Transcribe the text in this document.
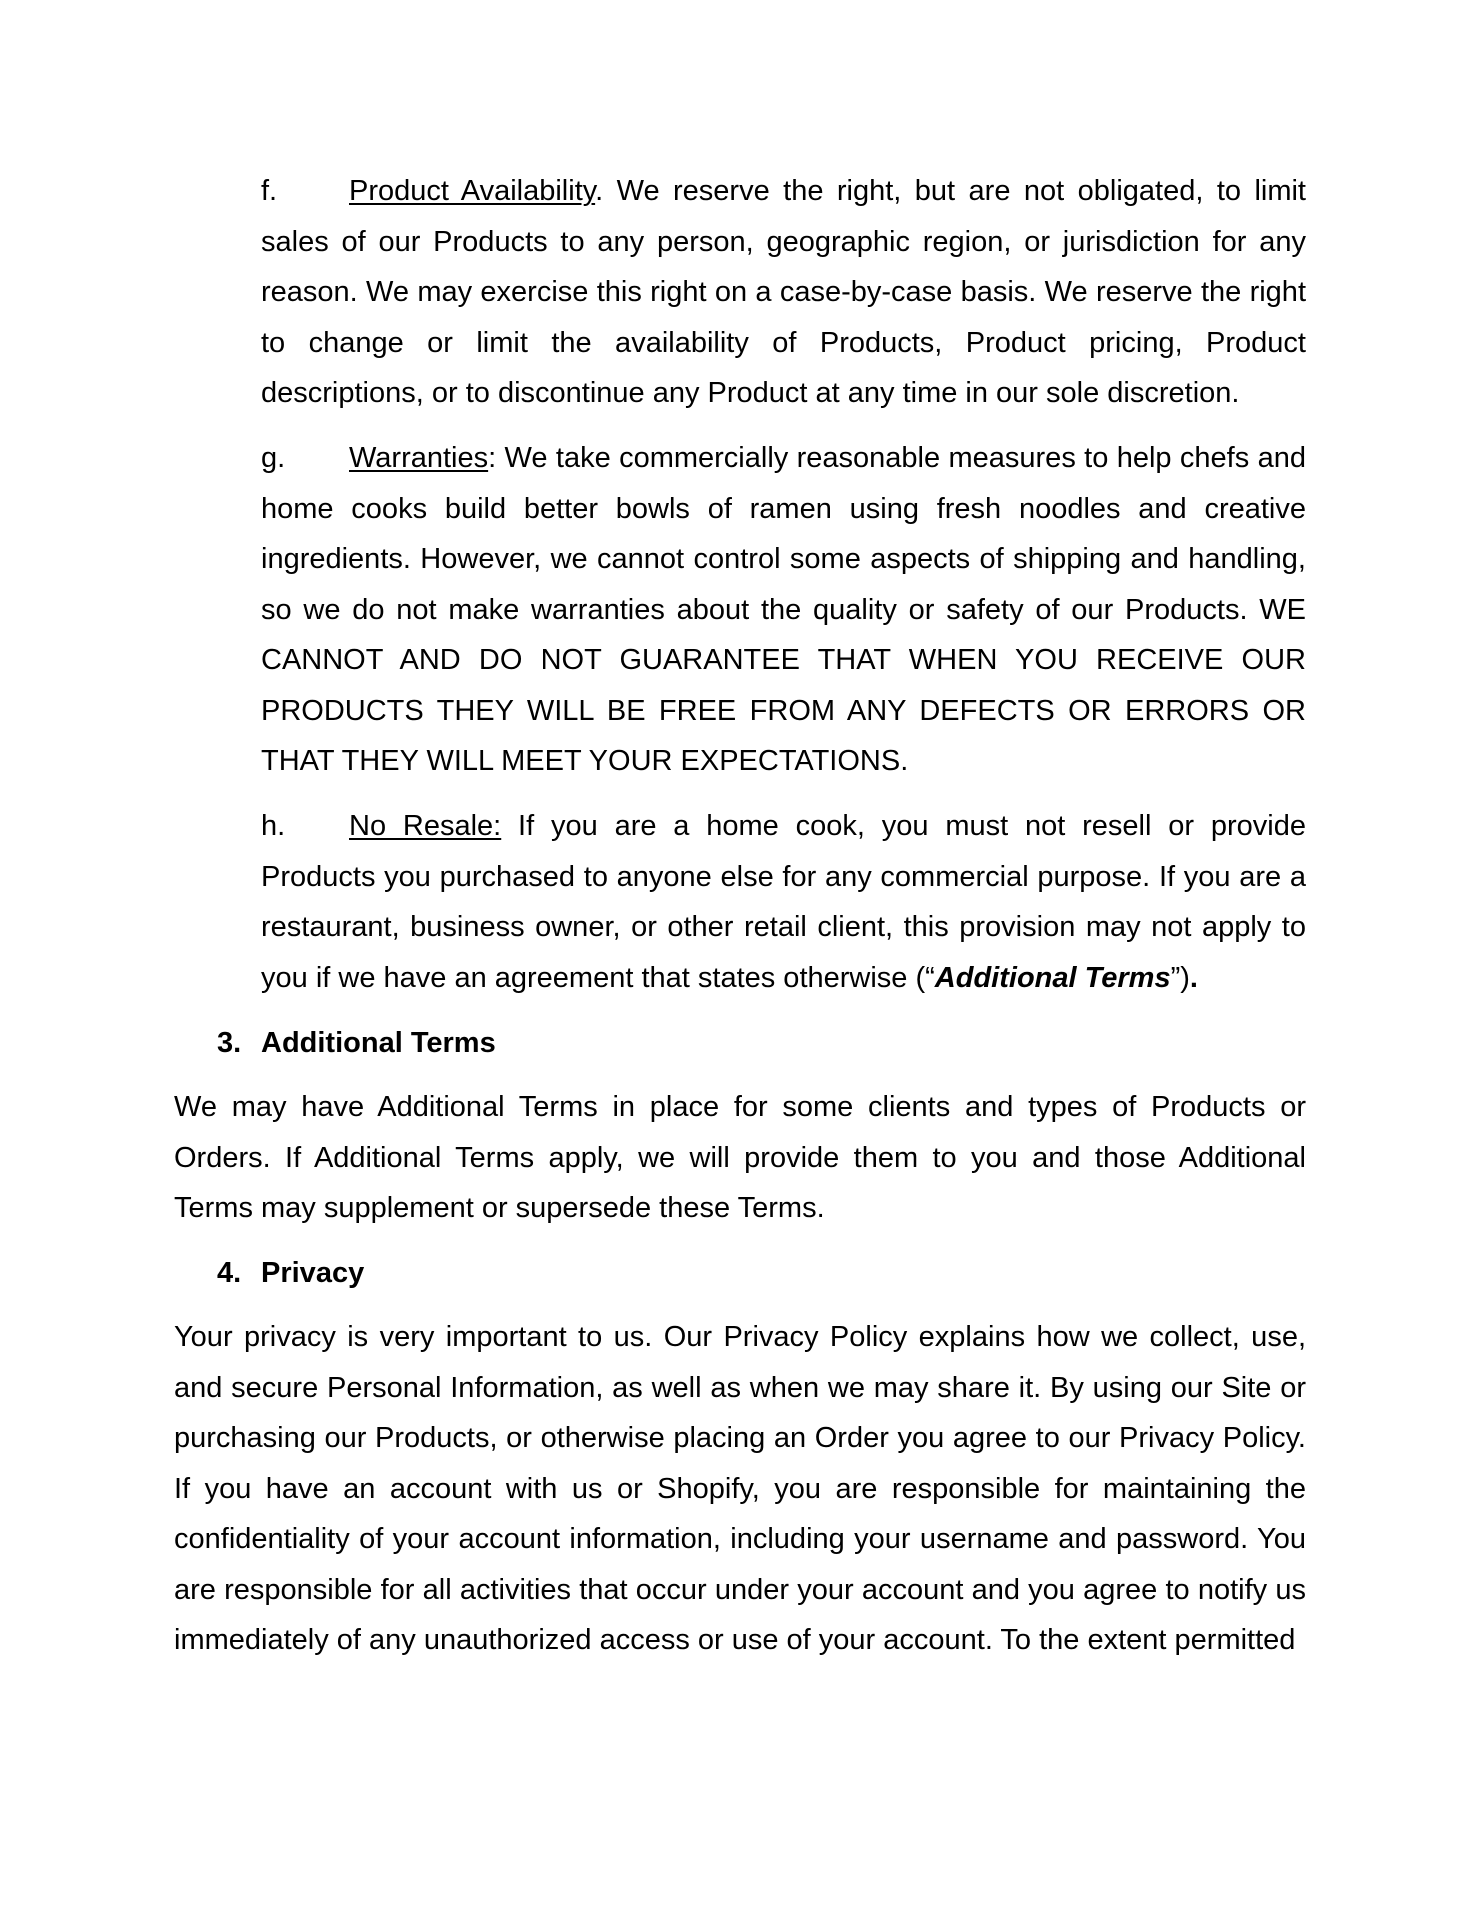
f. Product Availability. We reserve the right, but are not obligated, to limit sales of our Products to any person, geographic region, or jurisdiction for any reason. We may exercise this right on a case-by-case basis. We reserve the right to change or limit the availability of Products, Product pricing, Product descriptions, or to discontinue any Product at any time in our sole discretion.

g. Warranties: We take commercially reasonable measures to help chefs and home cooks build better bowls of ramen using fresh noodles and creative ingredients. However, we cannot control some aspects of shipping and handling, so we do not make warranties about the quality or safety of our Products. WE CANNOT AND DO NOT GUARANTEE THAT WHEN YOU RECEIVE OUR PRODUCTS THEY WILL BE FREE FROM ANY DEFECTS OR ERRORS OR THAT THEY WILL MEET YOUR EXPECTATIONS.

h. No Resale: If you are a home cook, you must not resell or provide Products you purchased to anyone else for any commercial purpose. If you are a restaurant, business owner, or other retail client, this provision may not apply to you if we have an agreement that states otherwise (“Additional Terms”).

3. Additional Terms

We may have Additional Terms in place for some clients and types of Products or Orders. If Additional Terms apply, we will provide them to you and those Additional Terms may supplement or supersede these Terms.

4. Privacy

Your privacy is very important to us. Our Privacy Policy explains how we collect, use, and secure Personal Information, as well as when we may share it. By using our Site or purchasing our Products, or otherwise placing an Order you agree to our Privacy Policy. If you have an account with us or Shopify, you are responsible for maintaining the confidentiality of your account information, including your username and password. You are responsible for all activities that occur under your account and you agree to notify us immediately of any unauthorized access or use of your account. To the extent permitted
